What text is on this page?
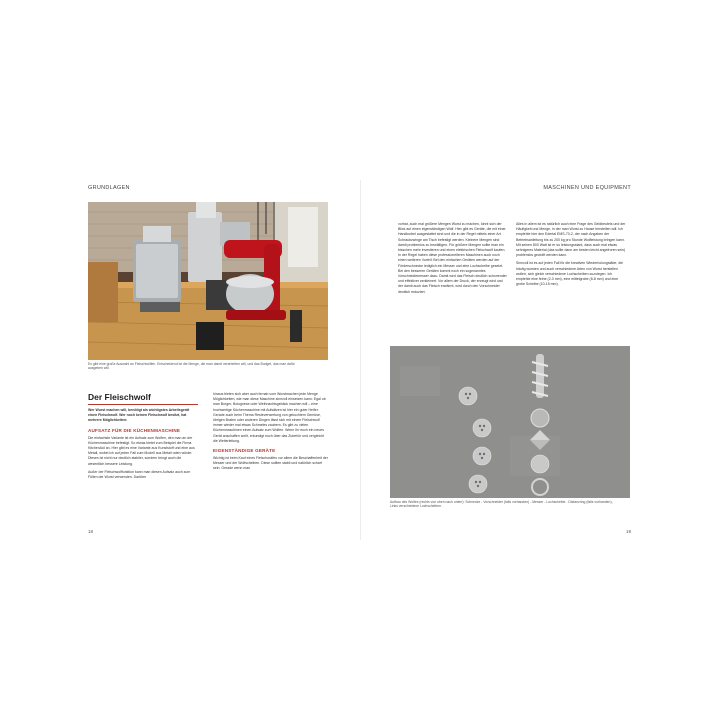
GRUNDLAGEN
Es gibt eine große Auswahl an Fleischwölfen. Entscheidend ist die Menge, die man damit verarbeiten will, und das Budget, das man dafür ausgeben will.
Der Fleischwolf

Wer Wurst machen will, benötigt als wichtigstes Arbeitsgerät einen Fleischwolf. Wer noch keinen Fleischwolf besitzt, hat mehrere Möglichkeiten:

AUFSATZ FÜR DIE KÜCHENMASCHINE

Die einfachste Variante ist ein Aufsatz zum Wolfen, den man an der Küchenmaschine befestigt. So etwas bietet zum Beispiel die Firma KitchenAid an. Hier gibt es eine Variante aus Kunststoff und eine aus Metall, wobei ich auf jeden Fall zum Modell aus Metall raten würde: Dieses ist nicht nur deutlich stabiler, sondern bringt auch die wesentlich bessere Leistung.

Außer der Fleischwolffunktion kann man diesen Aufsatz auch zum Füllen der Wurst verwenden. Darüber

hinaus bieten sich aber auch fernab vom Wurstmachen jede Menge Möglichkeiten, wie man diese Maschine sinnvoll einsetzen kann: Egal ob man Burger, Bolognese oder Weihnachtsgebäck machen will – eine hochwertige Küchenmaschine mit Aufsätzen ist hier ein guter Helfer. Gerade auch beim Thema Resteverwertung von gekochtem Gemüse, übrigen Braten oder anderen Dingen lässt sich mit einem Fleischwolf immer wieder mal etwas Schmeles zaubern. Es gibt zu vielen Küchenmaschinen einen Aufsatz zum Wolfen. Wenn Ihr euch ein neues Gerät anschaffen wollt, erkundigt euch über das Zubehör und vergleicht die Weiterleitung.

EIGENSTÄNDIGE GERÄTE

Wichtig ist beim Kauf eines Fleischwolfes vor allem die Beschaffenheit der Messer und der Wolfscheiben. Diese sollten stabil und natürlich scharf sein. Gerade wenn man

18
MASCHINEN UND EQUIPMENT

vorhat, auch mal größere Mengen Wurst zu machen, lohnt sich der Blick auf einen eigenständigen Wolf. Hier gibt es Geräte, die mit einer Handkurbel ausgestattet sind und die in der Regel mittels einer Art Schraubzwinge am Tisch befestigt werden. Kleinere Mengen sind damit problemlos zu bewältigen. Für größere Mengen sollte man ein bisschen mehr investieren und einen elektrischen Fleischwolf kaufen. In der Regel haben diese professionelleren Maschinen auch noch einen weiteren Vorteil: Bei den einfachen Geräten werden auf der Förderschnecke lediglich ein Messer und eine Lochscheibe gesetzt. Bei den besseren Geräten kommt noch ein sogenanntes Vorschneidemesser dazu. Damit wird das Fleisch deutlich schonender und effektiver zerkleinert. Vor allem der Druck, der erzeugt wird und der damit auch das Fleisch erwärmt, wird durch den Vorschneider deutlich reduziert.

Alles in allem ist es natürlich auch eine Frage des Geldbeutels und der Häufigkeit und Menge, in der man Wurst zu Hause herstellen will. Ich empfehle hier den Edertal EMS-70-2, der nach Angaben der Betriebsanleitung bis zu 200 kg pro Stunde Wolfleistung bringen kann. Mit seinen 800 Watt ist er so leistungsstark, dass auch mal etwas sehnigeres Material (das sollte dann am besten leicht angefroren sein) problemlos gewolft werden kann.

Sinnvoll ist es auf jeden Fall für die kreativen Wiederholungstäter, die häufig wursten und auch verschiedene Arten von Wurst herstellen wollen, sich gleich verschiedene Lochscheiben zuzulegen. Ich empfehle eine feine (2-3 mm), eine mittelgrobe (6-8 mm) und eine grobe Scheibe (10-15 mm).

Aufbau des Wolfes (rechts von oben nach unten): Schnecke - Vorschneider (falls vorhanden) - Messer - Lochscheibe - Distanzring (falls vorhanden), Links verschiedene Lochscheiben.
19
